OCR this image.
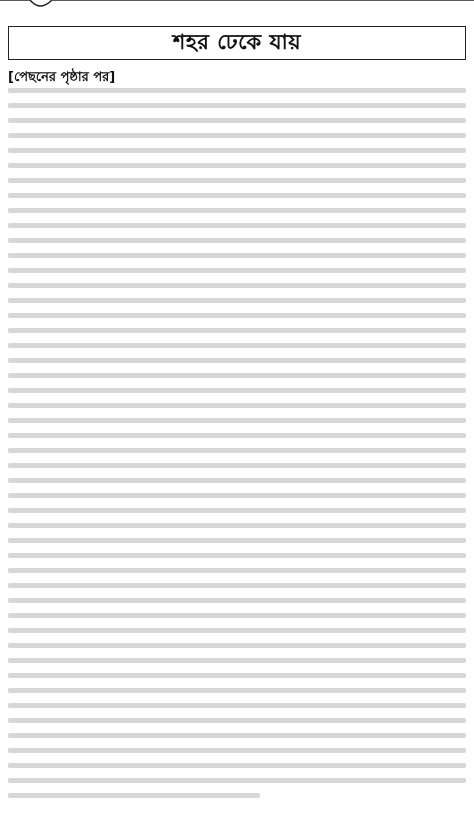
শহর ঢেকে যায়
[পেছনের পৃষ্ঠার পর]
